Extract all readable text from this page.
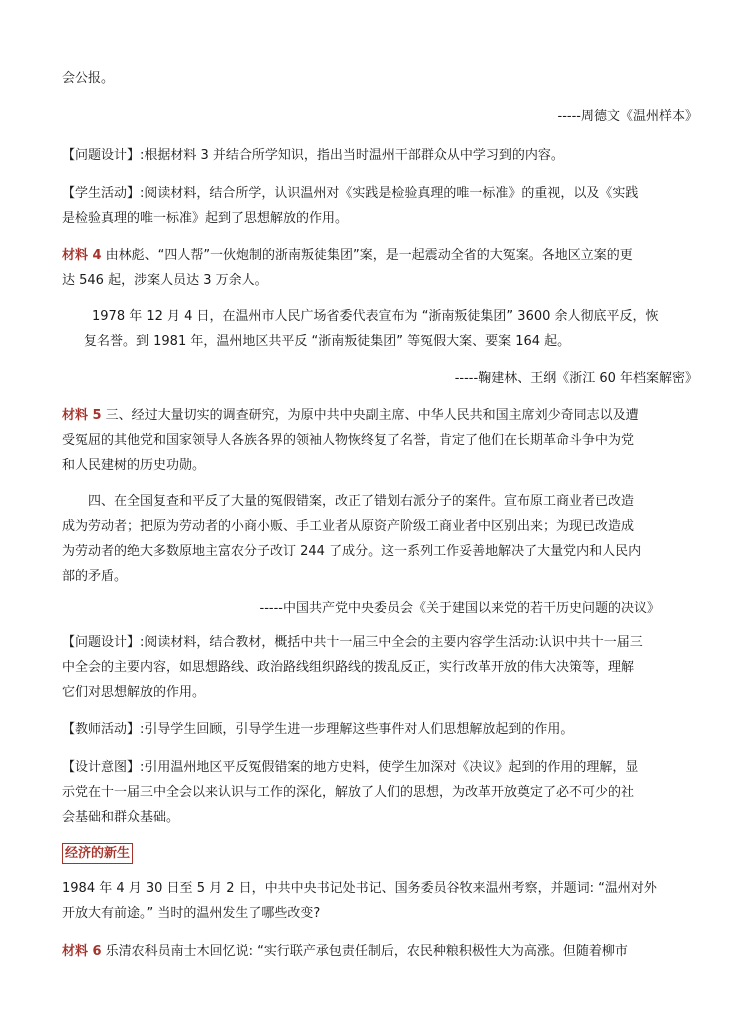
会公报。
-----周德文《温州样本》
【问题设计】:根据材料 3 并结合所学知识，指出当时温州干部群众从中学习到的内容。
【学生活动】:阅读材料，结合所学，认识温州对《实践是检验真理的唯一标准》的重视，以及《实践
是检验真理的唯一标准》起到了思想解放的作用。
材料 4 由林彪、“四人帮”一伙炮制的浙南叛徒集团”案，是一起震动全省的大冤案。各地区立案的更
达 546 起，涉案人员达 3 万余人。
1978 年 12 月 4 日，在温州市人民广场省委代表宣布为 “浙南叛徒集团” 3600 余人彻底平反，恢
复名誉。到 1981 年，温州地区共平反 “浙南叛徒集团” 等冤假大案、要案 164 起。
-----鞠建林、王纲《浙江 60 年档案解密》
材料 5 三、经过大量切实的调查研究，为原中共中央副主席、中华人民共和国主席刘少奇同志以及遭
受冤屈的其他党和国家领导人各族各界的领袖人物恢终复了名誉，肯定了他们在长期革命斗争中为党
和人民建树的历史功勋。
四、在全国复查和平反了大量的冤假错案，改正了错划右派分子的案件。宣布原工商业者已改造
成为劳动者；把原为劳动者的小商小贩、手工业者从原资产阶级工商业者中区别出来；为现已改造成
为劳动者的绝大多数原地主富农分子改订 244 了成分。这一系列工作妥善地解决了大量党内和人民内
部的矛盾。
-----中国共产党中央委员会《关于建国以来党的若干历史问题的决议》
【问题设计】:阅读材料，结合教材，概括中共十一届三中全会的主要内容学生活动:认识中共十一届三
中全会的主要内容，如思想路线、政治路线组织路线的拨乱反正，实行改革开放的伟大决策等，理解
它们对思想解放的作用。
【教师活动】:引导学生回顾，引导学生进一步理解这些事件对人们思想解放起到的作用。
【设计意图】:引用温州地区平反冤假错案的地方史料，使学生加深对《决议》起到的作用的理解，显
示党在十一届三中全会以来认识与工作的深化，解放了人们的思想，为改革开放奠定了必不可少的社
会基础和群众基础。
经济的新生
1984 年 4 月 30 日至 5 月 2 日，中共中央书记处书记、国务委员谷牧来温州考察，并题词: “温州对外
开放大有前途。” 当时的温州发生了哪些改变?
材料 6 乐清农科员南士木回忆说: “实行联产承包责任制后，农民种粮积极性大为高涨。但随着柳市
